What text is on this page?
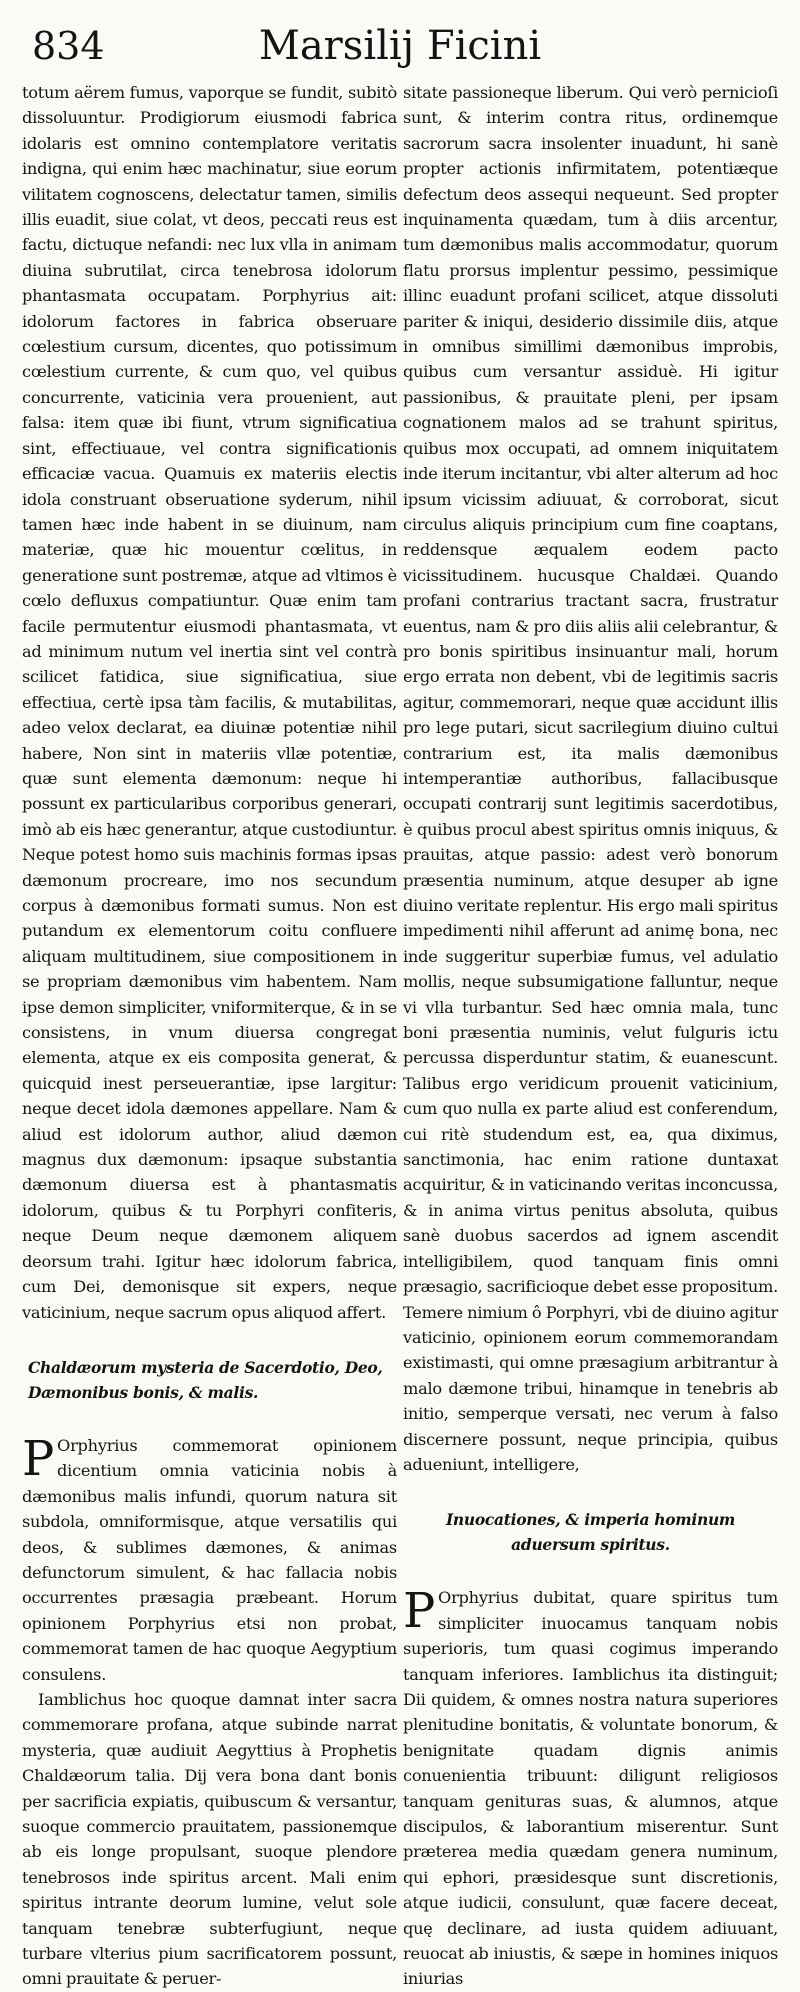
834	Marsilij Ficini

totum aërem fumus, vaporque se fundit, subitò dissoluuntur. Prodigiorum eiusmodi fabrica idolaris est omnino contemplatore veritatis indigna, qui enim hæc machinatur, siue eorum vilitatem cognoscens, delectatur tamen, similis illis euadit, siue colat, vt deos, peccati reus est factu, dictuque nefandi: nec lux vlla in animam diuina subrutilat, circa tenebrosa idolorum phantasmata occupatam. Porphyrius ait: idolorum factores in fabrica obseruare cœlestium cursum, dicentes, quo potissimum cœlestium currente, & cum quo, vel quibus concurrente, vaticinia vera prouenient, aut falsa: item quæ ibi fiunt, vtrum significatiua sint, effectiuaue, vel contra significationis efficaciæ vacua. Quamuis ex materiis electis idola construant obseruatione syderum, nihil tamen hæc inde habent in se diuinum, nam materiæ, quæ hic mouentur cœlitus, in generatione sunt postremæ, atque ad vltimos è cœlo defluxus compatiuntur. Quæ enim tam facile permutentur eiusmodi phantasmata, vt ad minimum nutum vel inertia sint vel contrà scilicet fatidica, siue significatiua, siue effectiua, certè ipsa tàm facilis, & mutabilitas, adeo velox declarat, ea diuinæ potentiæ nihil habere, Non sint in materiis vllæ potentiæ, quæ sunt elementa dæmonum: neque hi possunt ex particularibus corporibus generari, imò ab eis hæc generantur, atque custodiuntur. Neque potest homo suis machinis formas ipsas dæmonum procreare, imo nos secundum corpus à dæmonibus formati sumus. Non est putandum ex elementorum coitu confluere aliquam multitudinem, siue compositionem in se propriam dæmonibus vim habentem. Nam ipse demon simpliciter, vniformiterque, & in se consistens, in vnum diuersa congregat elementa, atque ex eis composita generat, & quicquid inest perseuerantiæ, ipse largitur: neque decet idola dæmones appellare. Nam & aliud est idolorum author, aliud dæmon magnus dux dæmonum: ipsaque substantia dæmonum diuersa est à phantasmatis idolorum, quibus & tu Porphyri confiteris, neque Deum neque dæmonem aliquem deorsum trahi. Igitur hæc idolorum fabrica, cum Dei, demonisque sit expers, neque vaticinium, neque sacrum opus aliquod affert.

Chaldæorum mysteria de Sacerdotio, Deo, Dæmonibus bonis, & malis.

P Orphyrius commemorat opinionem dicentium omnia vaticinia nobis à dæmonibus malis infundi, quorum natura sit subdola, omniformisque, atque versatilis qui deos, & sublimes dæmones, & animas defunctorum simulent, & hac fallacia nobis occurrentes præsagia præbeant. Horum opinionem Porphyrius etsi non probat, commemorat tamen de hac quoque Aegyptium consulens.

Iamblichus hoc quoque damnat inter sacra commemorare profana, atque subinde narrat mysteria, quæ audiuit Aegyttius à Prophetis Chaldæorum talia. Dij vera bona dant bonis per sacrificia expiatis, quibuscum & versantur, suoque commercio prauitatem, passionemque ab eis longe propulsant, suoque plendore tenebrosos inde spiritus arcent. Mali enim spiritus intrante deorum lumine, velut sole tanquam tenebræ subterfugiunt, neque turbare vlterius pium sacrificatorem possunt, omni prauitate & peruer-

sitate passioneque liberum. Qui verò pernicioſi sunt, & interim contra ritus, ordinemque sacrorum sacra insolenter inuadunt, hi sanè propter actionis infirmitatem, potentiæque defectum deos assequi nequeunt. Sed propter inquinamenta quædam, tum à diis arcentur, tum dæmonibus malis accommodatur, quorum flatu prorsus implentur pessimo, pessimique illinc euadunt profani scilicet, atque dissoluti pariter & iniqui, desiderio dissimile diis, atque in omnibus simillimi dæmonibus improbis, quibus cum versantur assiduè. Hi igitur passionibus, & prauitate pleni, per ipsam cognationem malos ad se trahunt spiritus, quibus mox occupati, ad omnem iniquitatem inde iterum incitantur, vbi alter alterum ad hoc ipsum vicissim adiuuat, & corroborat, sicut circulus aliquis principium cum fine coaptans, reddensque æqualem eodem pacto vicissitudinem. hucusque Chaldæi. Quando profani contrarius tractant sacra, frustratur euentus, nam & pro diis aliis alii celebrantur, & pro bonis spiritibus insinuantur mali, horum ergo errata non debent, vbi de legitimis sacris agitur, commemorari, neque quæ accidunt illis pro lege putari, sicut sacrilegium diuino cultui contrarium est, ita malis dæmonibus intemperantiæ authoribus, fallacibusque occupati contrarij sunt legitimis sacerdotibus, è quibus procul abest spiritus omnis iniquus, & prauitas, atque passio: adest verò bonorum præsentia numinum, atque desuper ab igne diuino veritate replentur. His ergo mali spiritus impedimenti nihil afferunt ad animę bona, nec inde suggeritur superbiæ fumus, vel adulatio mollis, neque subsumigatione falluntur, neque vi vlla turbantur. Sed hæc omnia mala, tunc boni præsentia numinis, velut fulguris ictu percussa disperduntur statim, & euanescunt. Talibus ergo veridicum prouenit vaticinium, cum quo nulla ex parte aliud est conferendum, cui ritè studendum est, ea, qua diximus, sanctimonia, hac enim ratione duntaxat acquiritur, & in vaticinando veritas inconcussa, & in anima virtus penitus absoluta, quibus sanè duobus sacerdos ad ignem ascendit intelligibilem, quod tanquam finis omni præsagio, sacrificioque debet esse propositum. Temere nimium ô Porphyri, vbi de diuino agitur vaticinio, opinionem eorum commemorandam existimasti, qui omne præsagium arbitrantur à malo dæmone tribui, hinamque in tenebris ab initio, semperque versati, nec verum à falso discernere possunt, neque principia, quibus adueniunt, intelligere,

Inuocationes, & imperia hominum aduersum spiritus.

P Orphyrius dubitat, quare spiritus tum simpliciter inuocamus tanquam nobis superioris, tum quasi cogimus imperando tanquam inferiores. Iamblichus ita distinguit; Dii quidem, & omnes nostra natura superiores plenitudine bonitatis, & voluntate bonorum, & benignitate quadam dignis animis conuenientia tribuunt: diligunt religiosos tanquam genituras suas, & alumnos, atque discipulos, & laborantium miserentur. Sunt præterea media quædam genera numinum, qui ephori, præsidesque sunt discretionis, atque iudicii, consulunt, quæ facere deceat, quę declinare, ad iusta quidem adiuuant, reuocat ab iniustis, & sæpe in homines iniquos iniurias
